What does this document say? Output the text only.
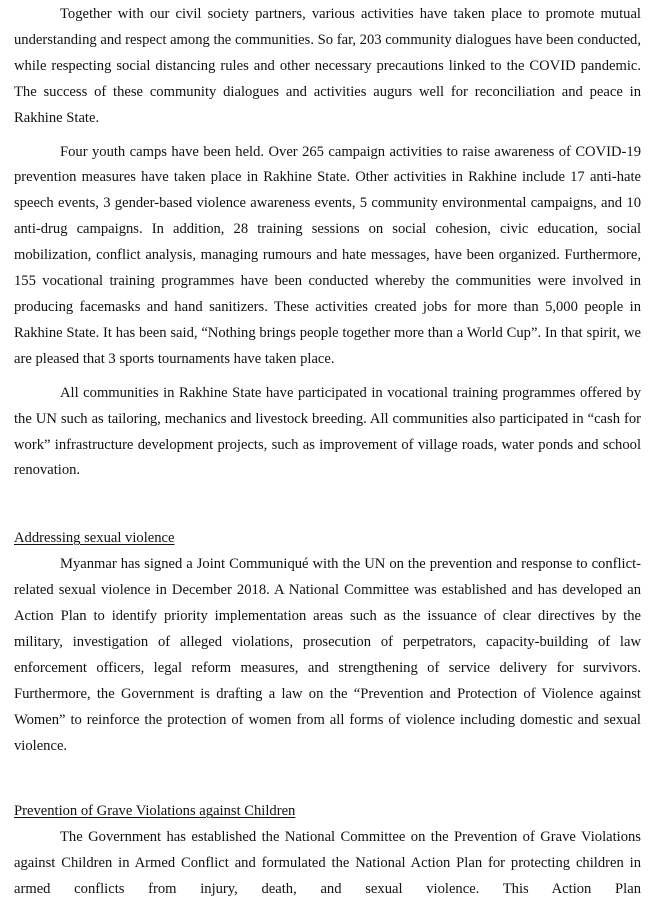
Together with our civil society partners, various activities have taken place to promote mutual understanding and respect among the communities. So far, 203 community dialogues have been conducted, while respecting social distancing rules and other necessary precautions linked to the COVID pandemic. The success of these community dialogues and activities augurs well for reconciliation and peace in Rakhine State.

Four youth camps have been held. Over 265 campaign activities to raise awareness of COVID-19 prevention measures have taken place in Rakhine State. Other activities in Rakhine include 17 anti-hate speech events, 3 gender-based violence awareness events, 5 community environmental campaigns, and 10 anti-drug campaigns. In addition, 28 training sessions on social cohesion, civic education, social mobilization, conflict analysis, managing rumours and hate messages, have been organized. Furthermore, 155 vocational training programmes have been conducted whereby the communities were involved in producing facemasks and hand sanitizers. These activities created jobs for more than 5,000 people in Rakhine State. It has been said, “Nothing brings people together more than a World Cup”. In that spirit, we are pleased that 3 sports tournaments have taken place.

All communities in Rakhine State have participated in vocational training programmes offered by the UN such as tailoring, mechanics and livestock breeding. All communities also participated in “cash for work” infrastructure development projects, such as improvement of village roads, water ponds and school renovation.

Addressing sexual violence

Myanmar has signed a Joint Communiqué with the UN on the prevention and response to conflict-related sexual violence in December 2018. A National Committee was established and has developed an Action Plan to identify priority implementation areas such as the issuance of clear directives by the military, investigation of alleged violations, prosecution of perpetrators, capacity-building of law enforcement officers, legal reform measures, and strengthening of service delivery for survivors. Furthermore, the Government is drafting a law on the “Prevention and Protection of Violence against Women” to reinforce the protection of women from all forms of violence including domestic and sexual violence.

Prevention of Grave Violations against Children

The Government has established the National Committee on the Prevention of Grave Violations against Children in Armed Conflict and formulated the National Action Plan for protecting children in armed conflicts from injury, death, and sexual violence. This Action Plan
